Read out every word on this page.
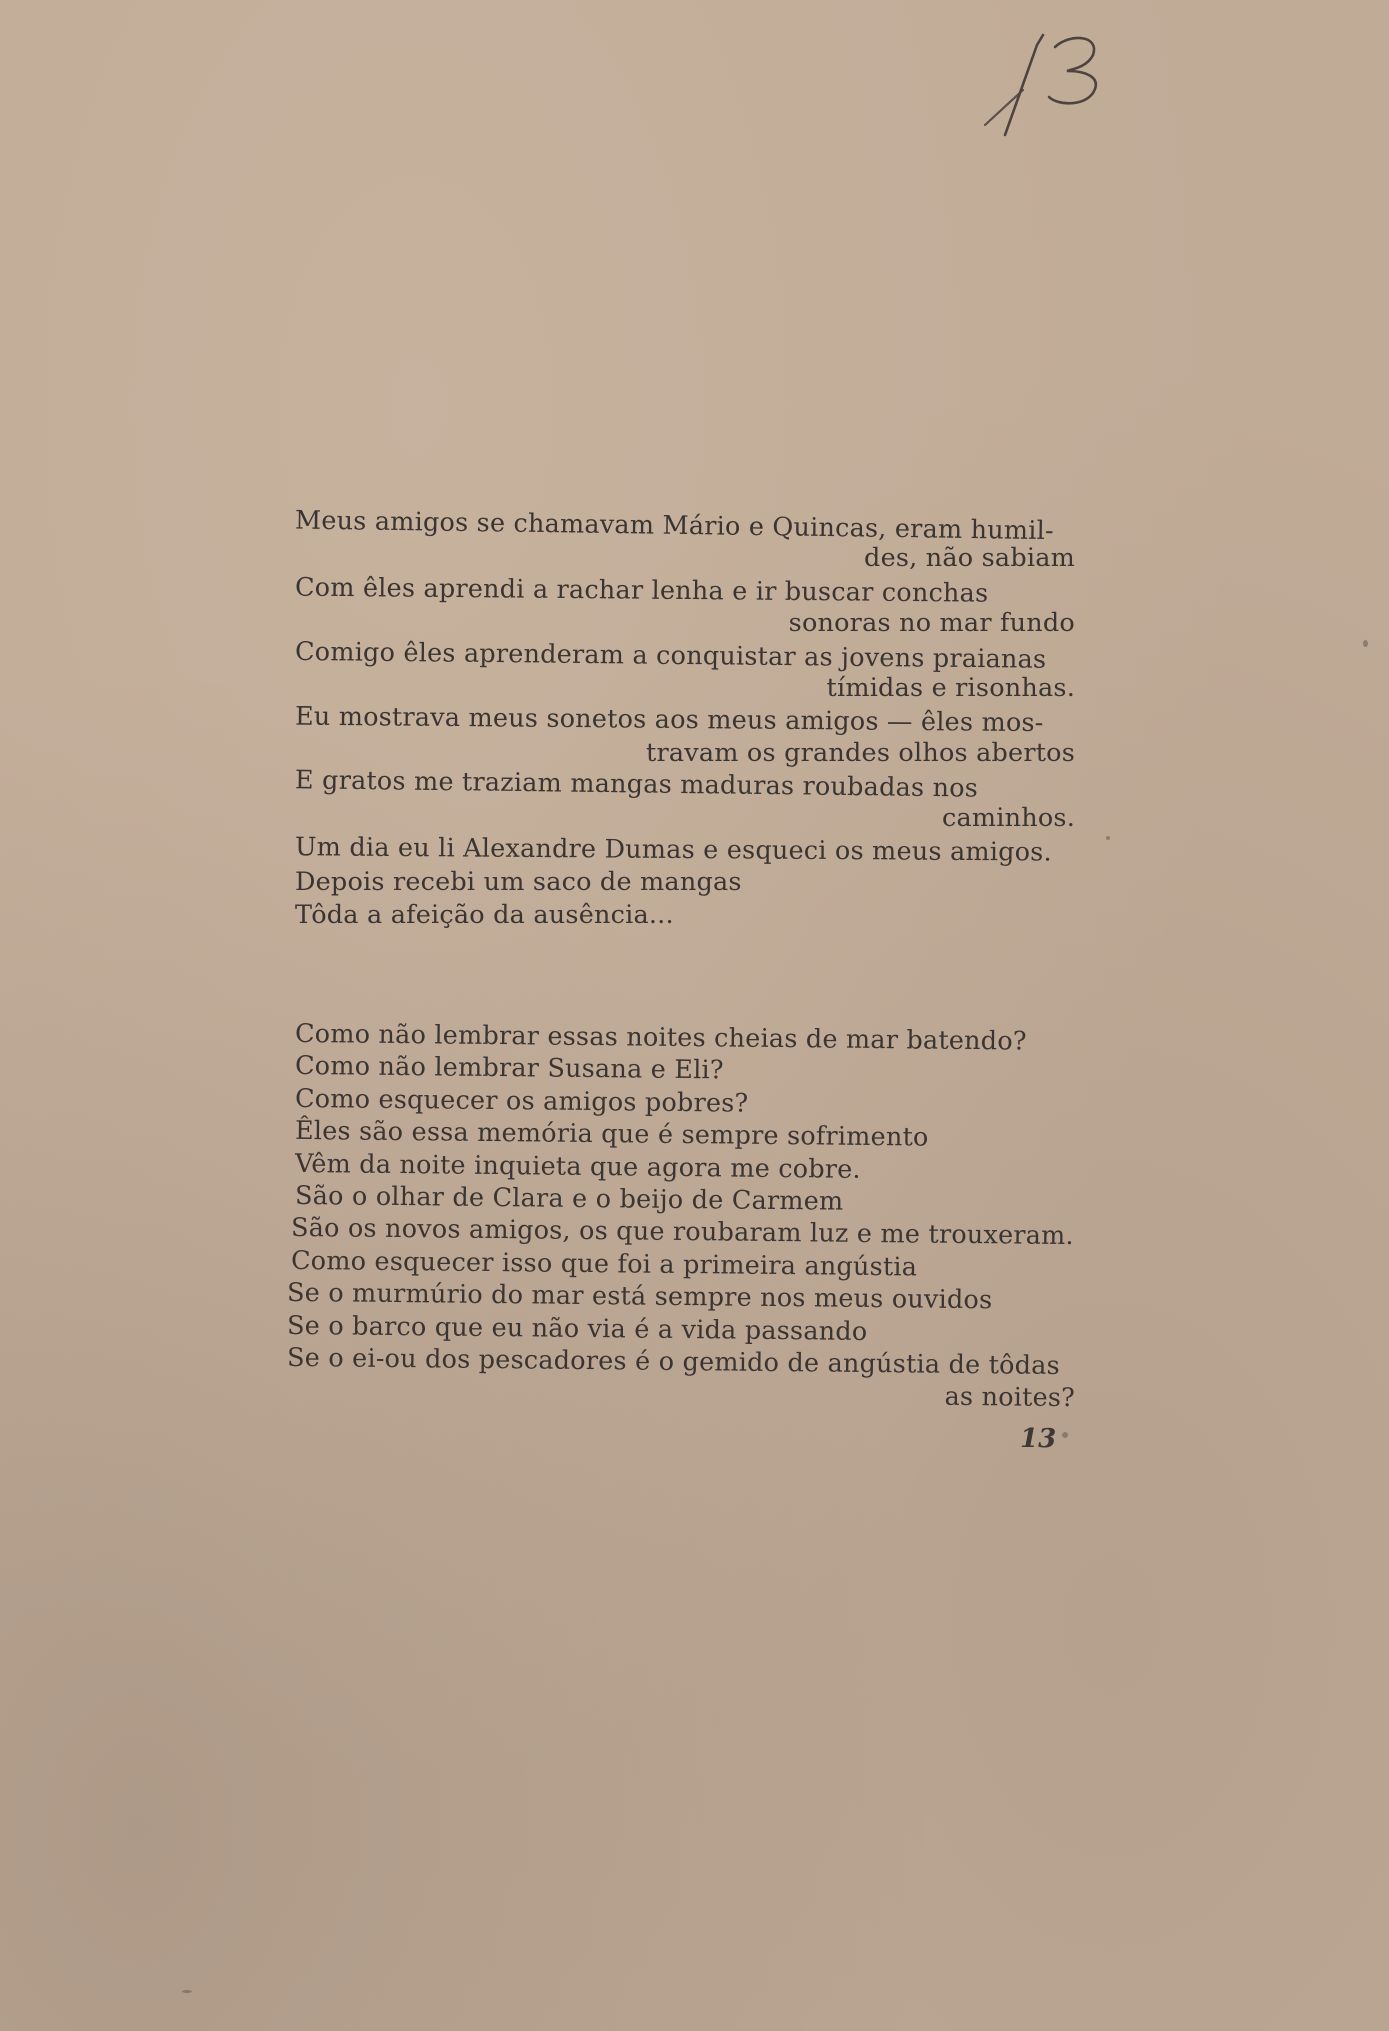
Meus amigos se chamavam Mário e Quincas, eram humil-
des, não sabiam
Com êles aprendi a rachar lenha e ir buscar conchas
sonoras no mar fundo
Comigo êles aprenderam a conquistar as jovens praianas
tímidas e risonhas.
Eu mostrava meus sonetos aos meus amigos — êles mos-
travam os grandes olhos abertos
E gratos me traziam mangas maduras roubadas nos
caminhos.
Um dia eu li Alexandre Dumas e esqueci os meus amigos.
Depois recebi um saco de mangas
Tôda a afeição da ausência...
Como não lembrar essas noites cheias de mar batendo?
Como não lembrar Susana e Eli?
Como esquecer os amigos pobres?
Êles são essa memória que é sempre sofrimento
Vêm da noite inquieta que agora me cobre.
São o olhar de Clara e o beijo de Carmem
São os novos amigos, os que roubaram luz e me trouxeram.
Como esquecer isso que foi a primeira angústia
Se o murmúrio do mar está sempre nos meus ouvidos
Se o barco que eu não via é a vida passando
Se o ei-ou dos pescadores é o gemido de angústia de tôdas
as noites?
13
